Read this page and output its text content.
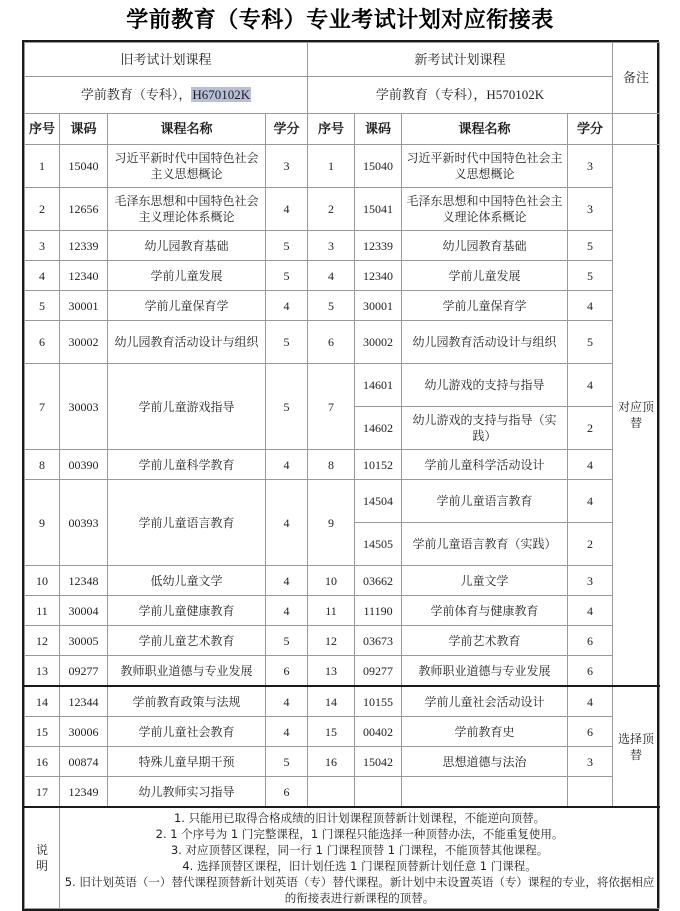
学前教育（专科）专业考试计划对应衔接表
旧考试计划课程				新考试计划课程				备注
学前教育（专科），H670102K				学前教育（专科），H570102K				
序号	课码	课程名称	学分	序号	课码	课程名称	学分	
1	15040	习近平新时代中国特色社会主义思想概论	3	1	15040	习近平新时代中国特色社会主义思想概论	3	对应顶替
2	12656	毛泽东思想和中国特色社会主义理论体系概论	4	2	15041	毛泽东思想和中国特色社会主义理论体系概论	3	
3	12339	幼儿园教育基础	5	3	12339	幼儿园教育基础	5	
4	12340	学前儿童发展	5	4	12340	学前儿童发展	5	
5	30001	学前儿童保育学	4	5	30001	学前儿童保育学	4	
6	30002	幼儿园教育活动设计与组织	5	6	30002	幼儿园教育活动设计与组织	5	
7	30003	学前儿童游戏指导	5	7	14601	幼儿游戏的支持与指导	4	
					14602	幼儿游戏的支持与指导（实践）	2	
8	00390	学前儿童科学教育	4	8	10152	学前儿童科学活动设计	4	
9	00393	学前儿童语言教育	4	9	14504	学前儿童语言教育	4	
					14505	学前儿童语言教育（实践）	2	
10	12348	低幼儿童文学	4	10	03662	儿童文学	3	
11	30004	学前儿童健康教育	4	11	11190	学前体育与健康教育	4	
12	30005	学前儿童艺术教育	5	12	03673	学前艺术教育	6	
13	09277	教师职业道德与专业发展	6	13	09277	教师职业道德与专业发展	6	
14	12344	学前教育政策与法规	4	14	10155	学前儿童社会活动设计	4	选择顶替
15	30006	学前儿童社会教育	4	15	00402	学前教育史	6	
16	00874	特殊儿童早期干预	5	16	15042	思想道德与法治	3	
17	12349	幼儿教师实习指导	6					

说
明

1. 只能用已取得合格成绩的旧计划课程顶替新计划课程，不能逆向顶替。

2. 1 个序号为 1 门完整课程，1 门课程只能选择一种顶替办法，不能重复使用。

3. 对应顶替区课程，同一行 1 门课程顶替 1 门课程，不能顶替其他课程。

4. 选择顶替区课程，旧计划任选 1 门课程顶替新计划任意 1 门课程。

5. 旧计划英语（一）替代课程顶替新计划英语（专）替代课程。新计划中未设置英语（专）课程的专业，将依据相应的衔接表进行新课程的顶替。
